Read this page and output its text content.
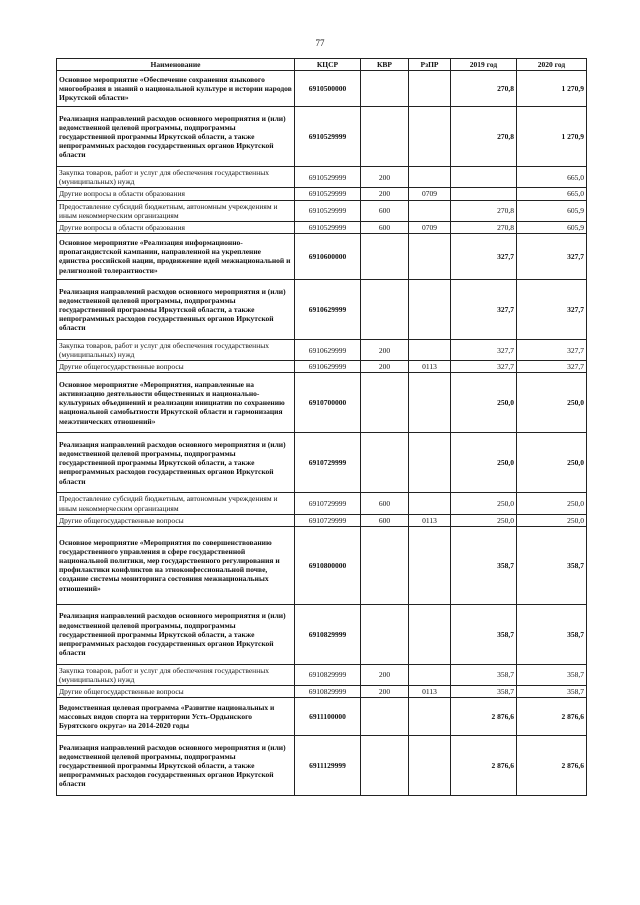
77
Наименование	КЦСР	КВР	РзПР	2019 год	2020 год
Основное мероприятие «Обеспечение сохранения языкового многообразия в знаний о национальной культуре и истории народов Иркутской области»	6910500000			270,8	1 270,9
Реализация направлений расходов основного мероприятия и (или) ведомственной целевой программы, подпрограммы государственной программы Иркутской области, а также непрограммных расходов государственных органов Иркутской области	6910529999			270,8	1 270,9
Закупка товаров, работ и услуг для обеспечения государственных (муниципальных) нужд	6910529999	200			665,0
Другие вопросы в области образования	6910529999	200	0709		665,0
Предоставление субсидий бюджетным, автономным учреждениям и иным некоммерческим организациям	6910529999	600		270,8	605,9
Другие вопросы в области образования	6910529999	600	0709	270,8	605,9
Основное мероприятие «Реализация информационно-пропагандистской кампании, направленной на укрепление единства российской нации, продвижение идей межнациональной и религиозной толерантности»	6910600000			327,7	327,7
Реализация направлений расходов основного мероприятия и (или) ведомственной целевой программы, подпрограммы государственной программы Иркутской области, а также непрограммных расходов государственных органов Иркутской области	6910629999			327,7	327,7
Закупка товаров, работ и услуг для обеспечения государственных (муниципальных) нужд	6910629999	200		327,7	327,7
Другие общегосударственные вопросы	6910629999	200	0113	327,7	327,7
Основное мероприятие «Мероприятия, направленные на активизацию деятельности общественных и национально-культурных объединений и реализации инициатив по сохранению национальной самобытности Иркутской области и гармонизация межэтнических отношений»	6910700000			250,0	250,0
Реализация направлений расходов основного мероприятия и (или) ведомственной целевой программы, подпрограммы государственной программы Иркутской области, а также непрограммных расходов государственных органов Иркутской области	6910729999			250,0	250,0
Предоставление субсидий бюджетным, автономным учреждениям и иным некоммерческим организациям	6910729999	600		250,0	250,0
Другие общегосударственные вопросы	6910729999	600	0113	250,0	250,0
Основное мероприятие «Мероприятия по совершенствованию государственного управления в сфере государственной национальной политики, мер государственного регулирования и профилактики конфликтов на этноконфессиональной почве, создание системы мониторинга состояния межнациональных отношений»	6910800000			358,7	358,7
Реализация направлений расходов основного мероприятия и (или) ведомственной целевой программы, подпрограммы государственной программы Иркутской области, а также непрограммных расходов государственных органов Иркутской области	6910829999			358,7	358,7
Закупка товаров, работ и услуг для обеспечения государственных (муниципальных) нужд	6910829999	200		358,7	358,7
Другие общегосударственные вопросы	6910829999	200	0113	358,7	358,7
Ведомственная целевая программа «Развитие национальных и массовых видов спорта на территории Усть-Ордынского Бурятского округа» на 2014-2020 годы	6911100000			2 876,6	2 876,6
Реализация направлений расходов основного мероприятия и (или) ведомственной целевой программы, подпрограммы государственной программы Иркутской области, а также непрограммных расходов государственных органов Иркутской области	6911129999			2 876,6	2 876,6
